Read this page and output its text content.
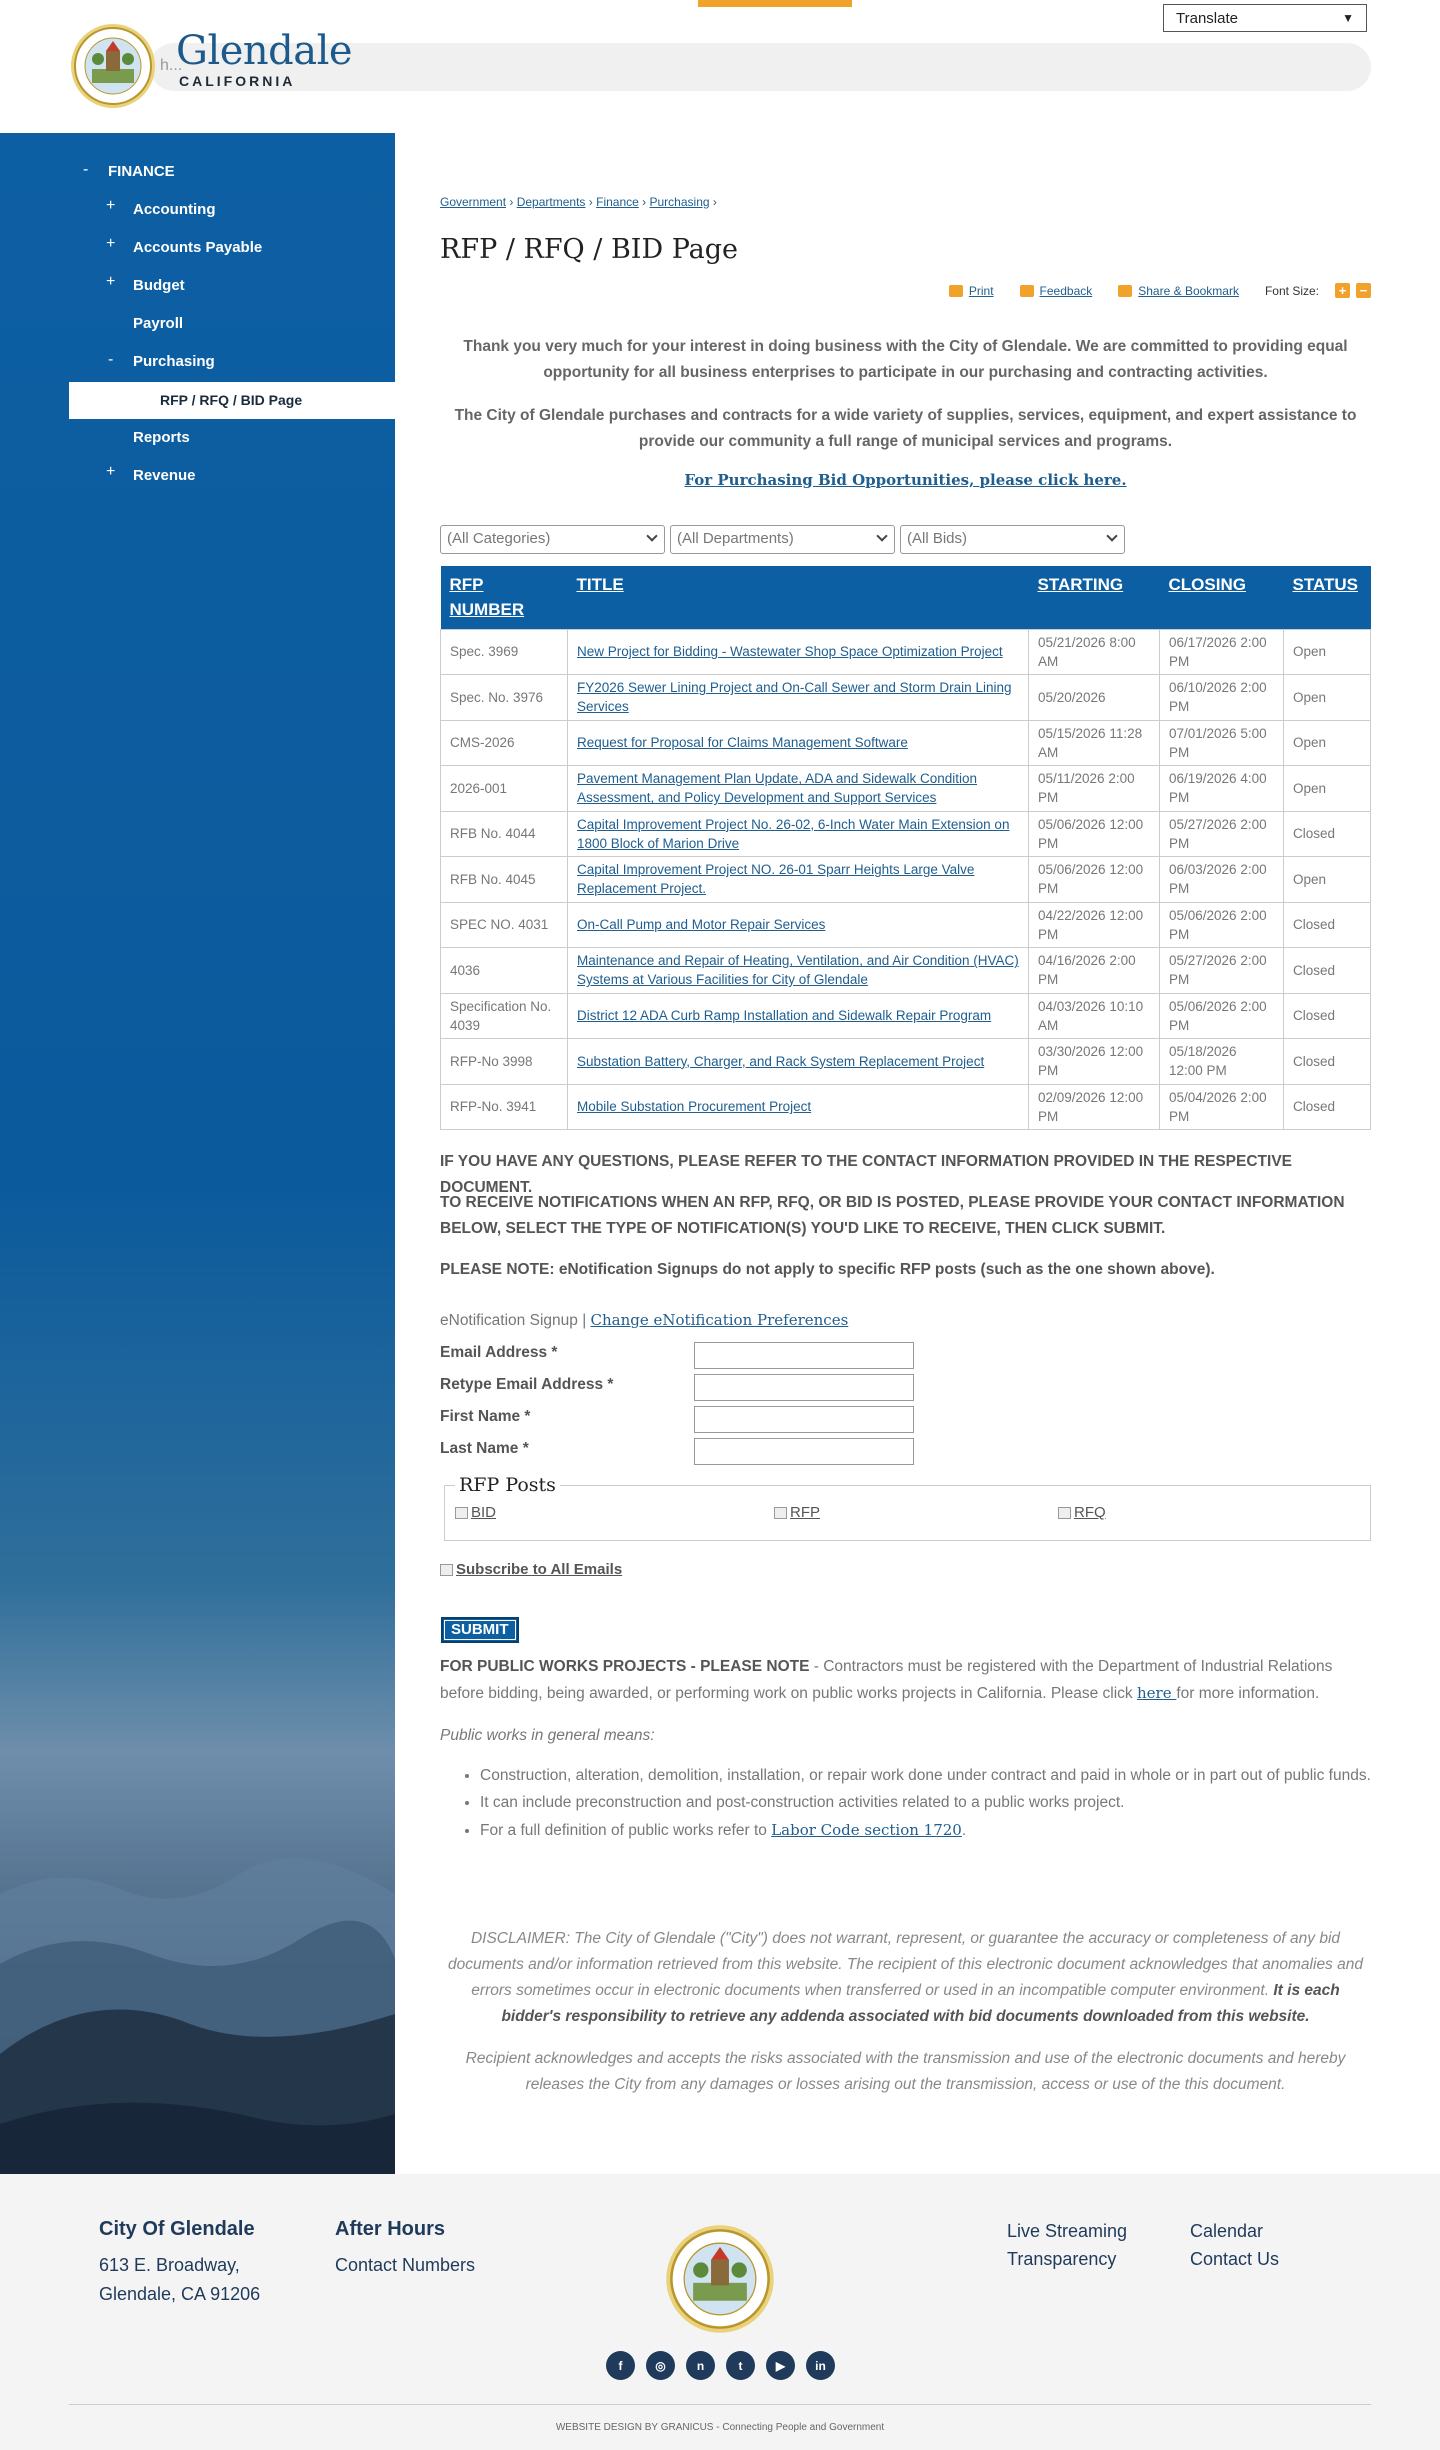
h...
Translate	▼
Glendale
CALIFORNIA
- FINANCE
+ Accounting
+ Accounts Payable
+ Budget
Payroll
- Purchasing
RFP / RFQ / BID Page
Reports
+ Revenue
Government › Departments › Finance › Purchasing ›
RFP / RFQ / BID Page
Print	Feedback	Share & Bookmark Font Size: + −

Thank you very much for your interest in doing business with the City of Glendale. We are committed to providing equal opportunity for all business enterprises to participate in our purchasing and contracting activities.

The City of Glendale purchases and contracts for a wide variety of supplies, services, equipment, and expert assistance to provide our community a full range of municipal services and programs.

For Purchasing Bid Opportunities, please click here.
(All Categories)	(All Departments)	(All Bids)
RFP NUMBER	TITLE	STARTING	CLOSING	STATUS
Spec. 3969	New Project for Bidding - Wastewater Shop Space Optimization Project	05/21/2026 8:00 AM	06/17/2026 2:00 PM	Open
Spec. No. 3976	FY2026 Sewer Lining Project and On-Call Sewer and Storm Drain Lining Services	05/20/2026	06/10/2026 2:00 PM	Open
CMS-2026	Request for Proposal for Claims Management Software	05/15/2026 11:28 AM	07/01/2026 5:00 PM	Open
2026-001	Pavement Management Plan Update, ADA and Sidewalk Condition Assessment, and Policy Development and Support Services	05/11/2026 2:00 PM	06/19/2026 4:00 PM	Open
RFB No. 4044	Capital Improvement Project No. 26-02, 6-Inch Water Main Extension on 1800 Block of Marion Drive	05/06/2026 12:00 PM	05/27/2026 2:00 PM	Closed
RFB No. 4045	Capital Improvement Project NO. 26-01 Sparr Heights Large Valve Replacement Project.	05/06/2026 12:00 PM	06/03/2026 2:00 PM	Open
SPEC NO. 4031	On-Call Pump and Motor Repair Services	04/22/2026 12:00 PM	05/06/2026 2:00 PM	Closed
4036	Maintenance and Repair of Heating, Ventilation, and Air Condition (HVAC) Systems at Various Facilities for City of Glendale	04/16/2026 2:00 PM	05/27/2026 2:00 PM	Closed
Specification No. 4039	District 12 ADA Curb Ramp Installation and Sidewalk Repair Program	04/03/2026 10:10 AM	05/06/2026 2:00 PM	Closed
RFP-No 3998	Substation Battery, Charger, and Rack System Replacement Project	03/30/2026 12:00 PM	05/18/2026 12:00 PM	Closed
RFP-No. 3941	Mobile Substation Procurement Project	02/09/2026 12:00 PM	05/04/2026 2:00 PM	Closed

IF YOU HAVE ANY QUESTIONS, PLEASE REFER TO THE CONTACT INFORMATION PROVIDED IN THE RESPECTIVE DOCUMENT.

TO RECEIVE NOTIFICATIONS WHEN AN RFP, RFQ, OR BID IS POSTED, PLEASE PROVIDE YOUR CONTACT INFORMATION BELOW, SELECT THE TYPE OF NOTIFICATION(S) YOU'D LIKE TO RECEIVE, THEN CLICK SUBMIT.

PLEASE NOTE: eNotification Signups do not apply to specific RFP posts (such as the one shown above).

eNotification Signup | Change eNotification Preferences
Email Address *
Retype Email Address *
First Name *
Last Name *
RFP Posts
BID	RFP	RFQ
Subscribe to All Emails
SUBMIT

FOR PUBLIC WORKS PROJECTS - PLEASE NOTE - Contractors must be registered with the Department of Industrial Relations before bidding, being awarded, or performing work on public works projects in California. Please click here for more information.

Public works in general means:

• Construction, alteration, demolition, installation, or repair work done under contract and paid in whole or in part out of public funds.
• It can include preconstruction and post-construction activities related to a public works project.
• For a full definition of public works refer to Labor Code section 1720.

DISCLAIMER: The City of Glendale ("City") does not warrant, represent, or guarantee the accuracy or completeness of any bid documents and/or information retrieved from this website. The recipient of this electronic document acknowledges that anomalies and errors sometimes occur in electronic documents when transferred or used in an incompatible computer environment. It is each bidder's responsibility to retrieve any addenda associated with bid documents downloaded from this website.

Recipient acknowledges and accepts the risks associated with the transmission and use of the electronic documents and hereby releases the City from any damages or losses arising out the transmission, access or use of the this document.

City Of Glendale
613 E. Broadway,
Glendale, CA 91206
After Hours
Contact Numbers
Live Streaming
Transparency
Calendar
Contact Us
f	◎	n	t	▶	in
WEBSITE DESIGN BY GRANICUS - Connecting People and Government
